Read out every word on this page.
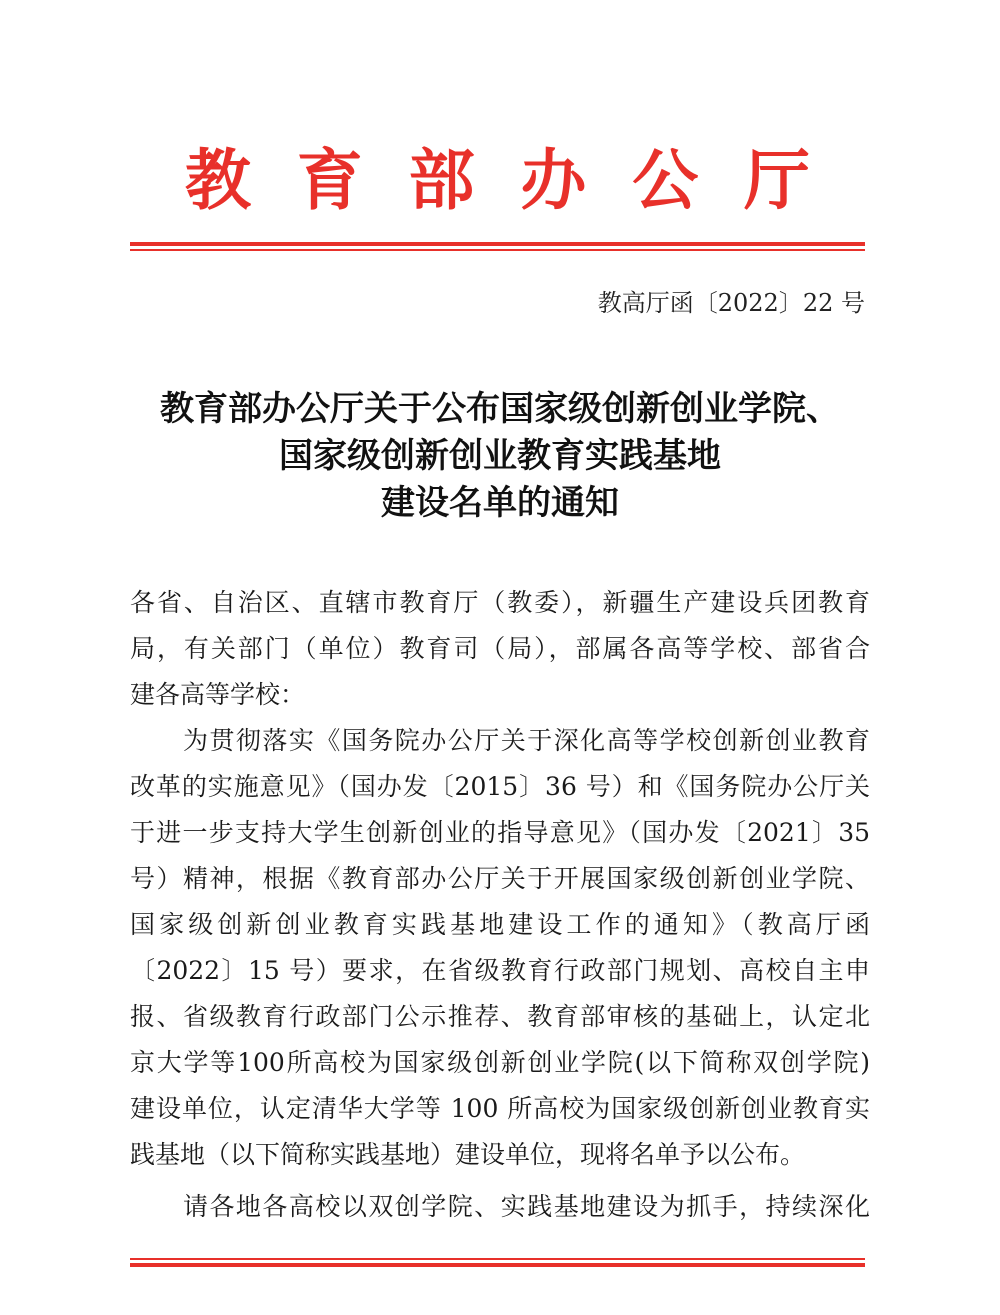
教 育 部 办 公 厅
教高厅函〔2022〕22 号
教育部办公厅关于公布国家级创新创业学院、
国家级创新创业教育实践基地
建设名单的通知
各省、自治区、直辖市教育厅（教委），新疆生产建设兵团教育
局，有关部门（单位）教育司（局），部属各高等学校、部省合
建各高等学校：
　　为贯彻落实《国务院办公厅关于深化高等学校创新创业教育
改革的实施意见》（国办发〔2015〕36 号）和《国务院办公厅关
于进一步支持大学生创新创业的指导意见》（国办发〔2021〕35
号）精神，根据《教育部办公厅关于开展国家级创新创业学院、
国家级创新创业教育实践基地建设工作的通知》（教高厅函
〔2022〕15 号）要求，在省级教育行政部门规划、高校自主申
报、省级教育行政部门公示推荐、教育部审核的基础上，认定北
京大学等100所高校为国家级创新创业学院(以下简称双创学院)
建设单位，认定清华大学等 100 所高校为国家级创新创业教育实
践基地（以下简称实践基地）建设单位，现将名单予以公布。
　　请各地各高校以双创学院、实践基地建设为抓手，持续深化
